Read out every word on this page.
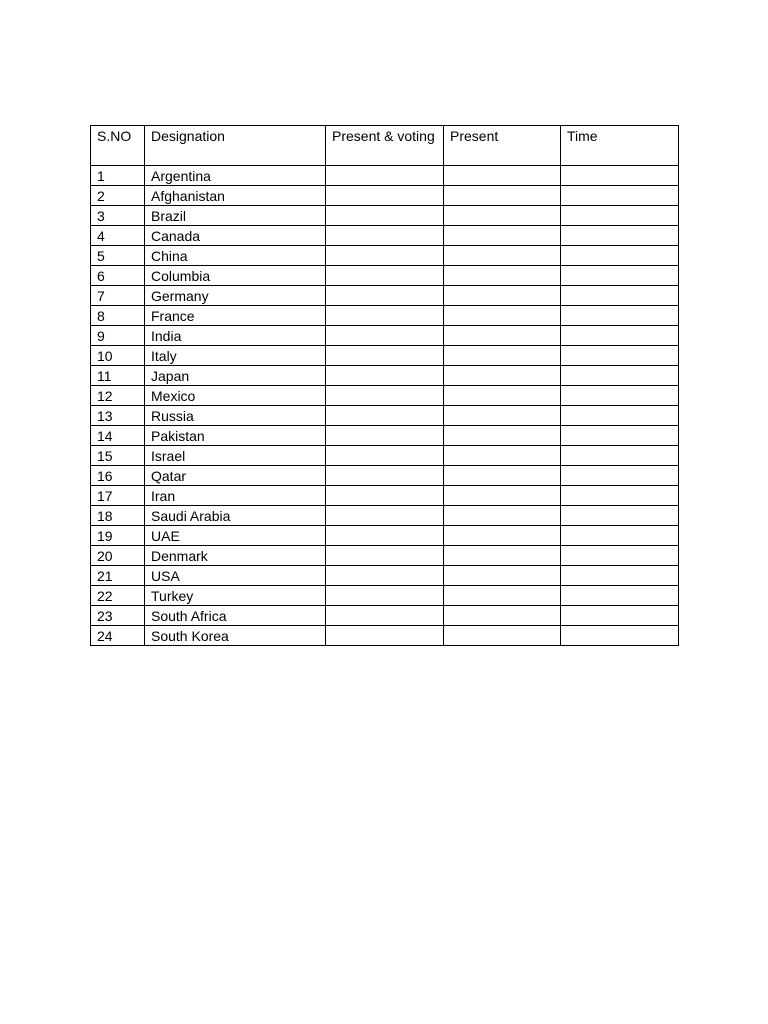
S.NO	Designation	Present & voting	Present	Time
1	Argentina			
2	Afghanistan			
3	Brazil			
4	Canada			
5	China			
6	Columbia			
7	Germany			
8	France			
9	India			
10	Italy			
11	Japan			
12	Mexico			
13	Russia			
14	Pakistan			
15	Israel			
16	Qatar			
17	Iran			
18	Saudi Arabia			
19	UAE			
20	Denmark			
21	USA			
22	Turkey			
23	South Africa			
24	South Korea			
